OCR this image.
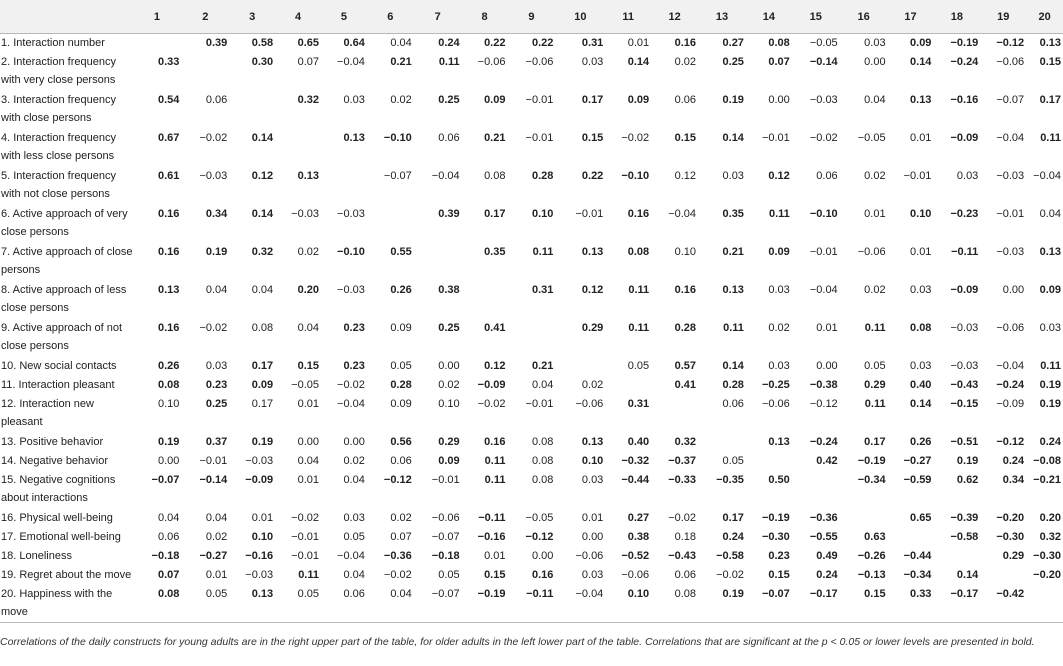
	1	2	3	4	5	6	7	8	9	10	11	12	13	14	15	16	17	18	19	20
1. Interaction number		0.39	0.58	0.65	0.64	0.04	0.24	0.22	0.22	0.31	0.01	0.16	0.27	0.08	−0.05	0.03	0.09	−0.19	−0.12	0.13
2. Interaction frequency with very close persons	0.33		0.30	0.07	−0.04	0.21	0.11	−0.06	−0.06	0.03	0.14	0.02	0.25	0.07	−0.14	0.00	0.14	−0.24	−0.06	0.15
3. Interaction frequency with close persons	0.54	0.06		0.32	0.03	0.02	0.25	0.09	−0.01	0.17	0.09	0.06	0.19	0.00	−0.03	0.04	0.13	−0.16	−0.07	0.17
4. Interaction frequency with less close persons	0.67	−0.02	0.14		0.13	−0.10	0.06	0.21	−0.01	0.15	−0.02	0.15	0.14	−0.01	−0.02	−0.05	0.01	−0.09	−0.04	0.11
5. Interaction frequency with not close persons	0.61	−0.03	0.12	0.13		−0.07	−0.04	0.08	0.28	0.22	−0.10	0.12	0.03	0.12	0.06	0.02	−0.01	0.03	−0.03	−0.04
6. Active approach of very close persons	0.16	0.34	0.14	−0.03	−0.03		0.39	0.17	0.10	−0.01	0.16	−0.04	0.35	0.11	−0.10	0.01	0.10	−0.23	−0.01	0.04
7. Active approach of close persons	0.16	0.19	0.32	0.02	−0.10	0.55		0.35	0.11	0.13	0.08	0.10	0.21	0.09	−0.01	−0.06	0.01	−0.11	−0.03	0.13
8. Active approach of less close persons	0.13	0.04	0.04	0.20	−0.03	0.26	0.38		0.31	0.12	0.11	0.16	0.13	0.03	−0.04	0.02	0.03	−0.09	0.00	0.09
9. Active approach of not close persons	0.16	−0.02	0.08	0.04	0.23	0.09	0.25	0.41		0.29	0.11	0.28	0.11	0.02	0.01	0.11	0.08	−0.03	−0.06	0.03
10. New social contacts	0.26	0.03	0.17	0.15	0.23	0.05	0.00	0.12	0.21		0.05	0.57	0.14	0.03	0.00	0.05	0.03	−0.03	−0.04	0.11
11. Interaction pleasant	0.08	0.23	0.09	−0.05	−0.02	0.28	0.02	−0.09	0.04	0.02		0.41	0.28	−0.25	−0.38	0.29	0.40	−0.43	−0.24	0.19
12. Interaction new pleasant	0.10	0.25	0.17	0.01	−0.04	0.09	0.10	−0.02	−0.01	−0.06	0.31		0.06	−0.06	−0.12	0.11	0.14	−0.15	−0.09	0.19
13. Positive behavior	0.19	0.37	0.19	0.00	0.00	0.56	0.29	0.16	0.08	0.13	0.40	0.32		0.13	−0.24	0.17	0.26	−0.51	−0.12	0.24
14. Negative behavior	0.00	−0.01	−0.03	0.04	0.02	0.06	0.09	0.11	0.08	0.10	−0.32	−0.37	0.05		0.42	−0.19	−0.27	0.19	0.24	−0.08
15. Negative cognitions about interactions	−0.07	−0.14	−0.09	0.01	0.04	−0.12	−0.01	0.11	0.08	0.03	−0.44	−0.33	−0.35	0.50		−0.34	−0.59	0.62	0.34	−0.21
16. Physical well-being	0.04	0.04	0.01	−0.02	0.03	0.02	−0.06	−0.11	−0.05	0.01	0.27	−0.02	0.17	−0.19	−0.36		0.65	−0.39	−0.20	0.20
17. Emotional well-being	0.06	0.02	0.10	−0.01	0.05	0.07	−0.07	−0.16	−0.12	0.00	0.38	0.18	0.24	−0.30	−0.55	0.63		−0.58	−0.30	0.32
18. Loneliness	−0.18	−0.27	−0.16	−0.01	−0.04	−0.36	−0.18	0.01	0.00	−0.06	−0.52	−0.43	−0.58	0.23	0.49	−0.26	−0.44		0.29	−0.30
19. Regret about the move	0.07	0.01	−0.03	0.11	0.04	−0.02	0.05	0.15	0.16	0.03	−0.06	0.06	−0.02	0.15	0.24	−0.13	−0.34	0.14		−0.20
20. Happiness with the move	0.08	0.05	0.13	0.05	0.06	0.04	−0.07	−0.19	−0.11	−0.04	0.10	0.08	0.19	−0.07	−0.17	0.15	0.33	−0.17	−0.42	
Correlations of the daily constructs for young adults are in the right upper part of the table, for older adults in the left lower part of the table. Correlations that are significant at the p < 0.05 or lower levels are presented in bold.
